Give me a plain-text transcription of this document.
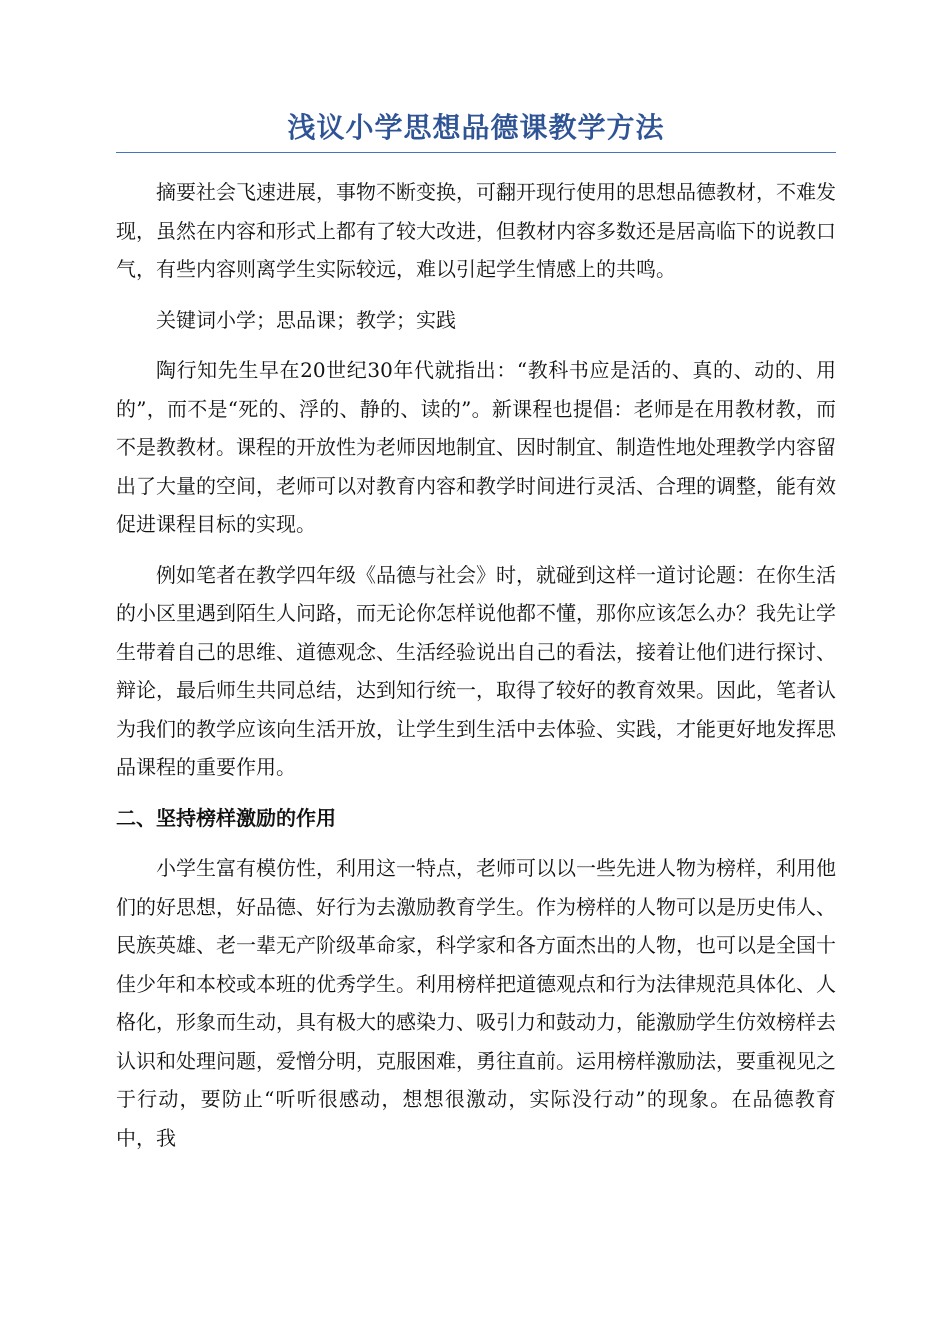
浅议小学思想品德课教学方法

摘要社会飞速进展，事物不断变换，可翻开现行使用的思想品德教材，不难发现，虽然在内容和形式上都有了较大改进，但教材内容多数还是居高临下的说教口气，有些内容则离学生实际较远，难以引起学生情感上的共鸣。

关键词小学；思品课；教学；实践

陶行知先生早在20世纪30年代就指出：“教科书应是活的、真的、动的、用的”，而不是“死的、浮的、静的、读的”。新课程也提倡：老师是在用教材教，而不是教教材。课程的开放性为老师因地制宜、因时制宜、制造性地处理教学内容留出了大量的空间，老师可以对教育内容和教学时间进行灵活、合理的调整，能有效促进课程目标的实现。

例如笔者在教学四年级《品德与社会》时，就碰到这样一道讨论题：在你生活的小区里遇到陌生人问路，而无论你怎样说他都不懂，那你应该怎么办？我先让学生带着自己的思维、道德观念、生活经验说出自己的看法，接着让他们进行探讨、辩论，最后师生共同总结，达到知行统一，取得了较好的教育效果。因此，笔者认为我们的教学应该向生活开放，让学生到生活中去体验、实践，才能更好地发挥思品课程的重要作用。

二、坚持榜样激励的作用

小学生富有模仿性，利用这一特点，老师可以以一些先进人物为榜样，利用他们的好思想，好品德、好行为去激励教育学生。作为榜样的人物可以是历史伟人、民族英雄、老一辈无产阶级革命家，科学家和各方面杰出的人物，也可以是全国十佳少年和本校或本班的优秀学生。利用榜样把道德观点和行为法律规范具体化、人格化，形象而生动，具有极大的感染力、吸引力和鼓动力，能激励学生仿效榜样去认识和处理问题，爱憎分明，克服困难，勇往直前。运用榜样激励法，要重视见之于行动，要防止“听听很感动，想想很激动，实际没行动”的现象。在品德教育中，我
